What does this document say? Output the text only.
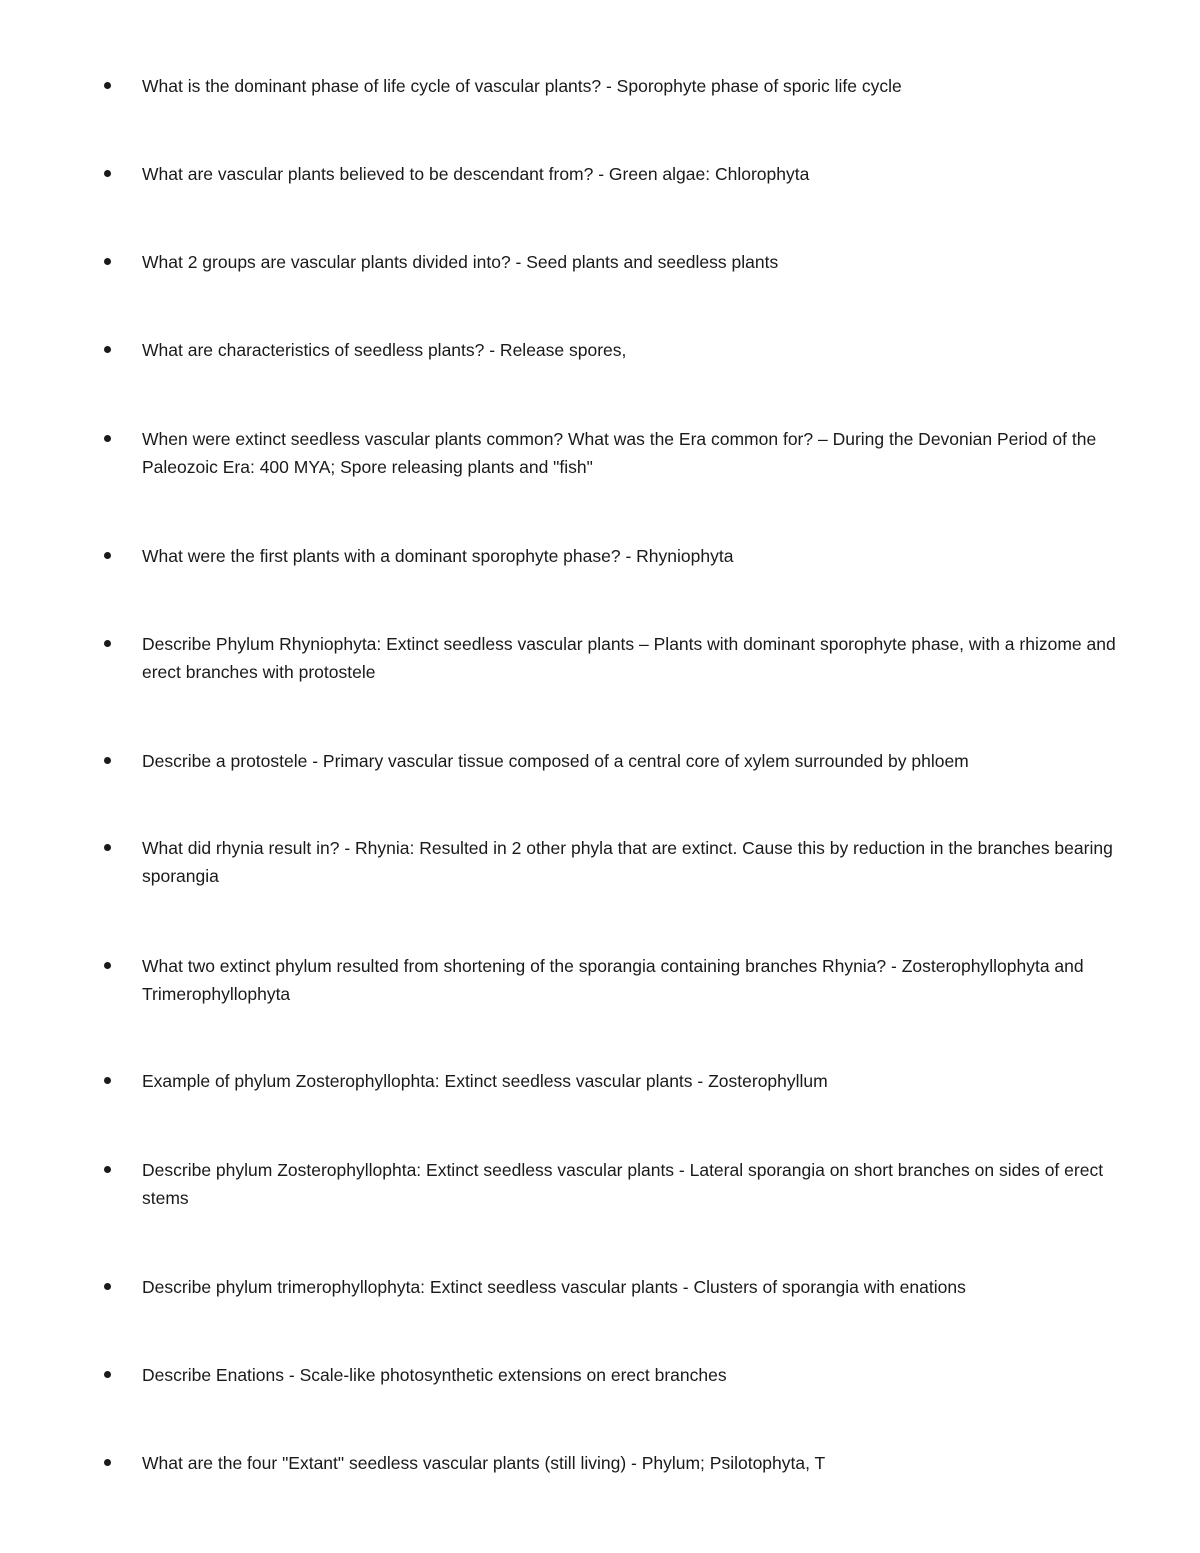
What is the dominant phase of life cycle of vascular plants? - Sporophyte phase of sporic life cycle
What are vascular plants believed to be descendant from? - Green algae: Chlorophyta
What 2 groups are vascular plants divided into? - Seed plants and seedless plants
What are characteristics of seedless plants? - Release spores,
When were extinct seedless vascular plants common? What was the Era common for? – During the Devonian Period of the Paleozoic Era: 400 MYA; Spore releasing plants and "fish"
What were the first plants with a dominant sporophyte phase? - Rhyniophyta
Describe Phylum Rhyniophyta: Extinct seedless vascular plants – Plants with dominant sporophyte phase, with a rhizome and erect branches with protostele
Describe a protostele - Primary vascular tissue composed of a central core of xylem surrounded by phloem
What did rhynia result in? - Rhynia: Resulted in 2 other phyla that are extinct. Cause this by reduction in the branches bearing sporangia
What two extinct phylum resulted from shortening of the sporangia containing branches Rhynia? - Zosterophyllophyta and Trimerophyllophyta
Example of phylum Zosterophyllophta: Extinct seedless vascular plants - Zosterophyllum
Describe phylum Zosterophyllophta: Extinct seedless vascular plants - Lateral sporangia on short branches on sides of erect stems
Describe phylum trimerophyllophyta: Extinct seedless vascular plants - Clusters of sporangia with enations
Describe Enations - Scale-like photosynthetic extensions on erect branches
What are the four "Extant" seedless vascular plants (still living) - Phylum; Psilotophyta, T
